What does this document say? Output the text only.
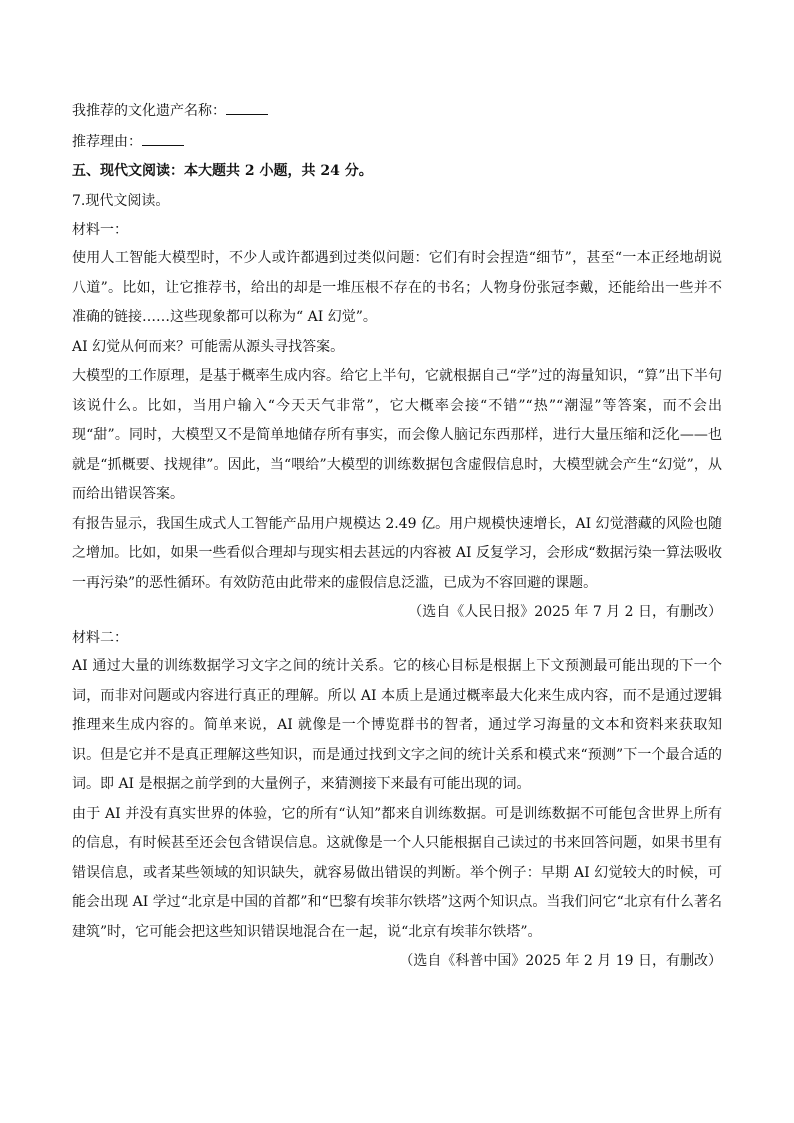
我推荐的文化遗产名称：
推荐理由：
五、现代文阅读：本大题共 2 小题，共 24 分。
7.现代文阅读。
材料一：

使用人工智能大模型时，不少人或许都遇到过类似问题：它们有时会捏造“细节”，甚至“一本正经地胡说八道”。比如，让它推荐书，给出的却是一堆压根不存在的书名；人物身份张冠李戴，还能给出一些并不准确的链接……这些现象都可以称为“ AI 幻觉”。

AI 幻觉从何而来？可能需从源头寻找答案。

大模型的工作原理，是基于概率生成内容。给它上半句，它就根据自己“学”过的海量知识，“算”出下半句该说什么。比如，当用户输入“今天天气非常”，它大概率会接“不错”“热”“潮湿”等答案，而不会出现“甜”。同时，大模型又不是简单地储存所有事实，而会像人脑记东西那样，进行大量压缩和泛化——也就是“抓概要、找规律”。因此，当“喂给”大模型的训练数据包含虚假信息时，大模型就会产生“幻觉”，从而给出错误答案。

有报告显示，我国生成式人工智能产品用户规模达 2.49 亿。用户规模快速增长，AI 幻觉潜藏的风险也随之增加。比如，如果一些看似合理却与现实相去甚远的内容被 AI 反复学习，会形成“数据污染一算法吸收一再污染”的恶性循环。有效防范由此带来的虚假信息泛滥，已成为不容回避的课题。

（选自《人民日报》2025 年 7 月 2 日，有删改）
材料二：

AI 通过大量的训练数据学习文字之间的统计关系。它的核心目标是根据上下文预测最可能出现的下一个词，而非对问题或内容进行真正的理解。所以 AI 本质上是通过概率最大化来生成内容，而不是通过逻辑推理来生成内容的。简单来说，AI 就像是一个博览群书的智者，通过学习海量的文本和资料来获取知识。但是它并不是真正理解这些知识，而是通过找到文字之间的统计关系和模式来“预测”下一个最合适的词。即 AI 是根据之前学到的大量例子，来猜测接下来最有可能出现的词。

由于 AI 并没有真实世界的体验，它的所有“认知”都来自训练数据。可是训练数据不可能包含世界上所有的信息，有时候甚至还会包含错误信息。这就像是一个人只能根据自己读过的书来回答问题，如果书里有错误信息，或者某些领域的知识缺失，就容易做出错误的判断。举个例子：早期 AI 幻觉较大的时候，可能会出现 AI 学过“北京是中国的首都”和“巴黎有埃菲尔铁塔”这两个知识点。当我们问它“北京有什么著名建筑”时，它可能会把这些知识错误地混合在一起，说“北京有埃菲尔铁塔”。

（选自《科普中国》2025 年 2 月 19 日，有删改）
